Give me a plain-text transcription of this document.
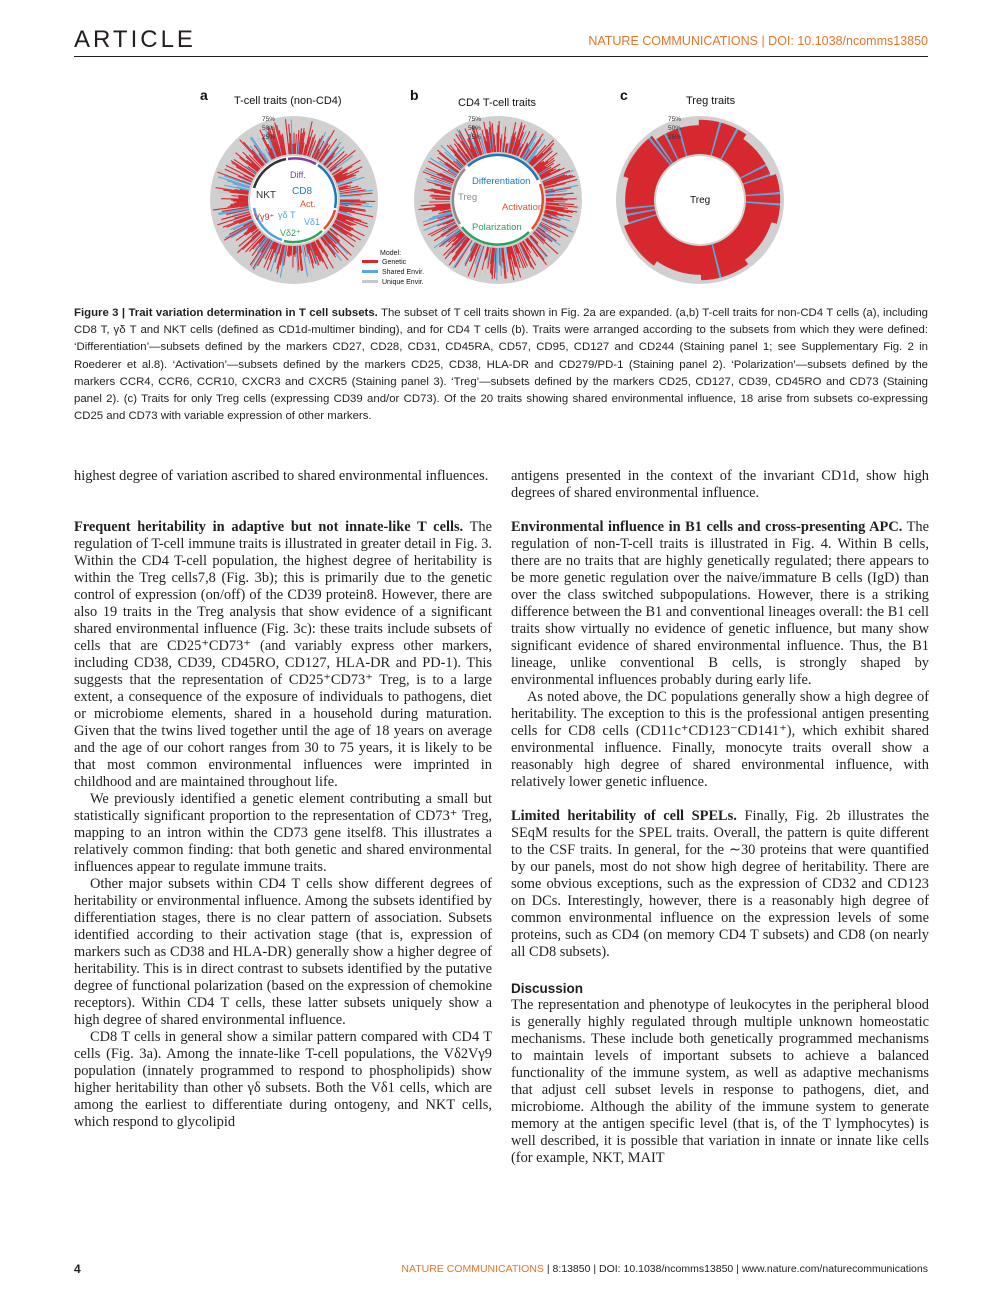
ARTICLE	NATURE COMMUNICATIONS | DOI: 10.1038/ncomms13850
a T-cell traits (non-CD4)	b	CD4 T-cell traits	c	Treg traits
NKT
Diff.
CD8
Act.
Vγ9⁺ γδ T
Vδ1
Vδ2⁺
75%
50%
25%
Differentiation
Treg
Activation
Polarization
75%
50%
25%
Treg
75%
50%
25%
Model:
Genetic
Shared Envir.
Unique Envir.
Figure 3 | Trait variation determination in T cell subsets. The subset of T cell traits shown in Fig. 2a are expanded. (a,b) T-cell traits for non-CD4 T cells (a), including CD8 T, γδ T and NKT cells (defined as CD1d-multimer binding), and for CD4 T cells (b). Traits were arranged according to the subsets from which they were defined: ‘Differentiation’—subsets defined by the markers CD27, CD28, CD31, CD45RA, CD57, CD95, CD127 and CD244 (Staining panel 1; see Supplementary Fig. 2 in Roederer et al.8). ‘Activation’—subsets defined by the markers CD25, CD38, HLA-DR and CD279/PD-1 (Staining panel 2). ‘Polarization’—subsets defined by the markers CCR4, CCR6, CCR10, CXCR3 and CXCR5 (Staining panel 3). ‘Treg’—subsets defined by the markers CD25, CD127, CD39, CD45RO and CD73 (Staining panel 2). (c) Traits for only Treg cells (expressing CD39 and/or CD73). Of the 20 traits showing shared environmental influence, 18 arise from subsets co-expressing CD25 and CD73 with variable expression of other markers.

highest degree of variation ascribed to shared environmental influences.

Frequent heritability in adaptive but not innate-like T cells. The regulation of T-cell immune traits is illustrated in greater detail in Fig. 3. Within the CD4 T-cell population, the highest degree of heritability is within the Treg cells7,8 (Fig. 3b); this is primarily due to the genetic control of expression (on/off) of the CD39 protein8. However, there are also 19 traits in the Treg analysis that show evidence of a significant shared environmental influence (Fig. 3c): these traits include subsets of cells that are CD25⁺CD73⁺ (and variably express other markers, including CD38, CD39, CD45RO, CD127, HLA-DR and PD-1). This suggests that the representation of CD25⁺CD73⁺ Treg, is to a large extent, a consequence of the exposure of individuals to pathogens, diet or microbiome elements, shared in a household during maturation. Given that the twins lived together until the age of 18 years on average and the age of our cohort ranges from 30 to 75 years, it is likely to be that most common environmental influences were imprinted in childhood and are maintained throughout life.

We previously identified a genetic element contributing a small but statistically significant proportion to the representation of CD73⁺ Treg, mapping to an intron within the CD73 gene itself8. This illustrates a relatively common finding: that both genetic and shared environmental influences appear to regulate immune traits.

Other major subsets within CD4 T cells show different degrees of heritability or environmental influence. Among the subsets identified by differentiation stages, there is no clear pattern of association. Subsets identified according to their activation stage (that is, expression of markers such as CD38 and HLA-DR) generally show a higher degree of heritability. This is in direct contrast to subsets identified by the putative degree of functional polarization (based on the expression of chemokine receptors). Within CD4 T cells, these latter subsets uniquely show a high degree of shared environmental influence.

CD8 T cells in general show a similar pattern compared with CD4 T cells (Fig. 3a). Among the innate-like T-cell populations, the Vδ2Vγ9 population (innately programmed to respond to phospholipids) show higher heritability than other γδ subsets. Both the Vδ1 cells, which are among the earliest to differentiate during ontogeny, and NKT cells, which respond to glycolipid

antigens presented in the context of the invariant CD1d, show high degrees of shared environmental influence.

Environmental influence in B1 cells and cross-presenting APC. The regulation of non-T-cell traits is illustrated in Fig. 4. Within B cells, there are no traits that are highly genetically regulated; there appears to be more genetic regulation over the naive/immature B cells (IgD) than over the class switched subpopulations. However, there is a striking difference between the B1 and conventional lineages overall: the B1 cell traits show virtually no evidence of genetic influence, but many show significant evidence of shared environmental influence. Thus, the B1 lineage, unlike conventional B cells, is strongly shaped by environmental influences probably during early life.

As noted above, the DC populations generally show a high degree of heritability. The exception to this is the professional antigen presenting cells for CD8 cells (CD11c⁺CD123⁻CD141⁺), which exhibit shared environmental influence. Finally, monocyte traits overall show a reasonably high degree of shared environmental influence, with relatively lower genetic influence.

Limited heritability of cell SPELs. Finally, Fig. 2b illustrates the SEqM results for the SPEL traits. Overall, the pattern is quite different to the CSF traits. In general, for the ∼30 proteins that were quantified by our panels, most do not show high degree of heritability. There are some obvious exceptions, such as the expression of CD32 and CD123 on DCs. Interestingly, however, there is a reasonably high degree of common environmental influence on the expression levels of some proteins, such as CD4 (on memory CD4 T subsets) and CD8 (on nearly all CD8 subsets).

Discussion

The representation and phenotype of leukocytes in the peripheral blood is generally highly regulated through multiple unknown homeostatic mechanisms. These include both genetically programmed mechanisms to maintain levels of important subsets to achieve a balanced functionality of the immune system, as well as adaptive mechanisms that adjust cell subset levels in response to pathogens, diet, and microbiome. Although the ability of the immune system to generate memory at the antigen specific level (that is, of the T lymphocytes) is well described, it is possible that variation in innate or innate like cells (for example, NKT, MAIT

4	NATURE COMMUNICATIONS | 8:13850 | DOI: 10.1038/ncomms13850 | www.nature.com/naturecommunications
